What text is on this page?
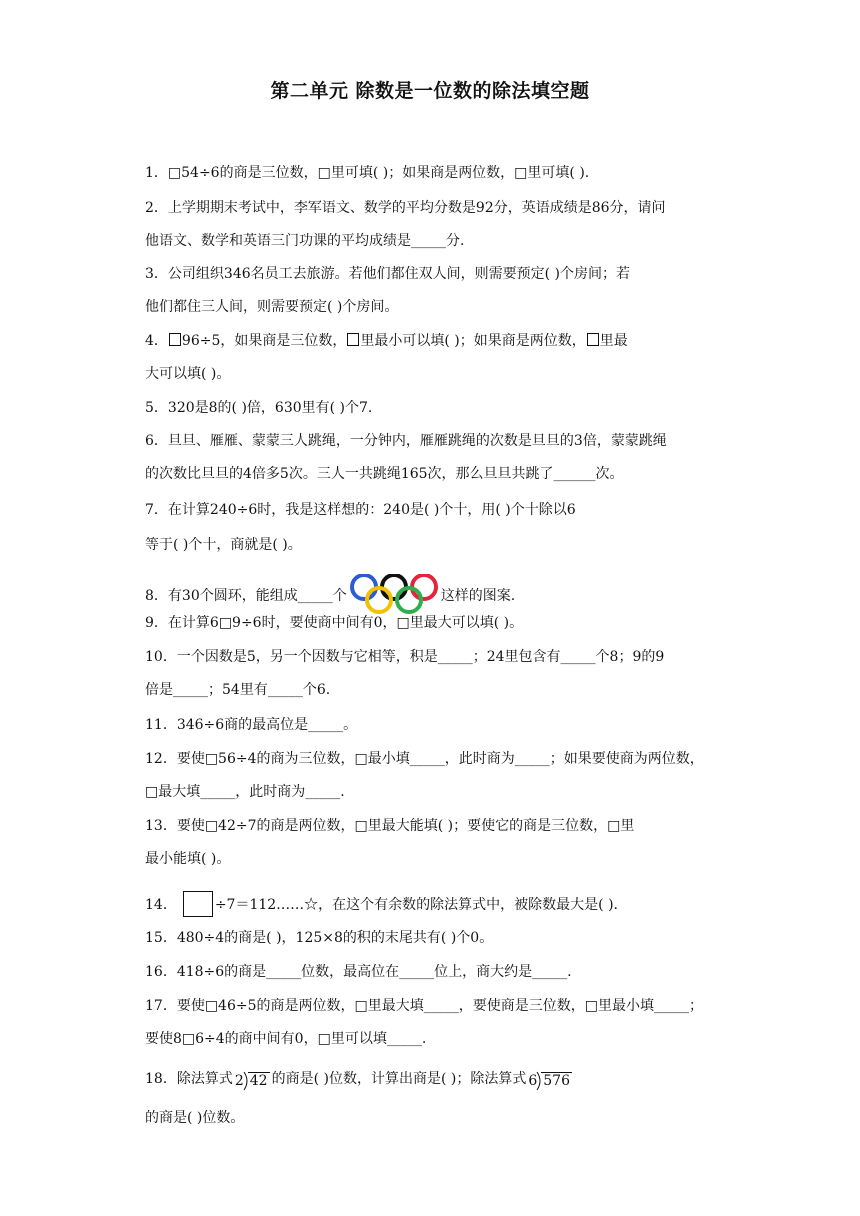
第二单元 除数是一位数的除法填空题
1．□54÷6的商是三位数，□里可填( )；如果商是两位数，□里可填( ).
2．上学期期末考试中，李军语文、数学的平均分数是92分，英语成绩是86分，请问
他语文、数学和英语三门功课的平均成绩是_____分.
3．公司组织346名员工去旅游。若他们都住双人间，则需要预定( )个房间；若
他们都住三人间，则需要预定( )个房间。
4． 96÷5，如果商是三位数， 里最小可以填( )；如果商是两位数， 里最
大可以填( )。
5．320是8的( )倍，630里有( )个7.
6．旦旦、雁雁、蒙蒙三人跳绳，一分钟内，雁雁跳绳的次数是旦旦的3倍，蒙蒙跳绳
的次数比旦旦的4倍多5次。三人一共跳绳165次，那么旦旦共跳了______次。
7．在计算240÷6时，我是这样想的：240是( )个十，用( )个十除以6
等于( )个十，商就是( )。
8．有30个圆环，能组成_____个	这样的图案.
9．在计算6□9÷6时，要使商中间有0，□里最大可以填( )。
10．一个因数是5，另一个因数与它相等，积是_____；24里包含有_____个8；9的9
倍是_____；54里有_____个6.
11．346÷6商的最高位是_____。
12．要使□56÷4的商为三位数，□最小填_____，此时商为_____；如果要使商为两位数，
□最大填_____，此时商为_____.
13．要使□42÷7的商是两位数，□里最大能填( )；要使它的商是三位数，□里
最小能填( )。
14．	÷7＝112……☆，在这个有余数的除法算式中，被除数最大是( ).
15．480÷4的商是( )，125×8的积的末尾共有( )个0。
16．418÷6的商是_____位数，最高位在_____位上，商大约是_____.
17．要使□46÷5的商是两位数，□里最大填_____，要使商是三位数，□里最小填_____；
要使8□6÷4的商中间有0，□里可以填_____.
18．除法算式 2 42 的商是( )位数，计算出商是( )；除法算式 6 576
的商是( )位数。
